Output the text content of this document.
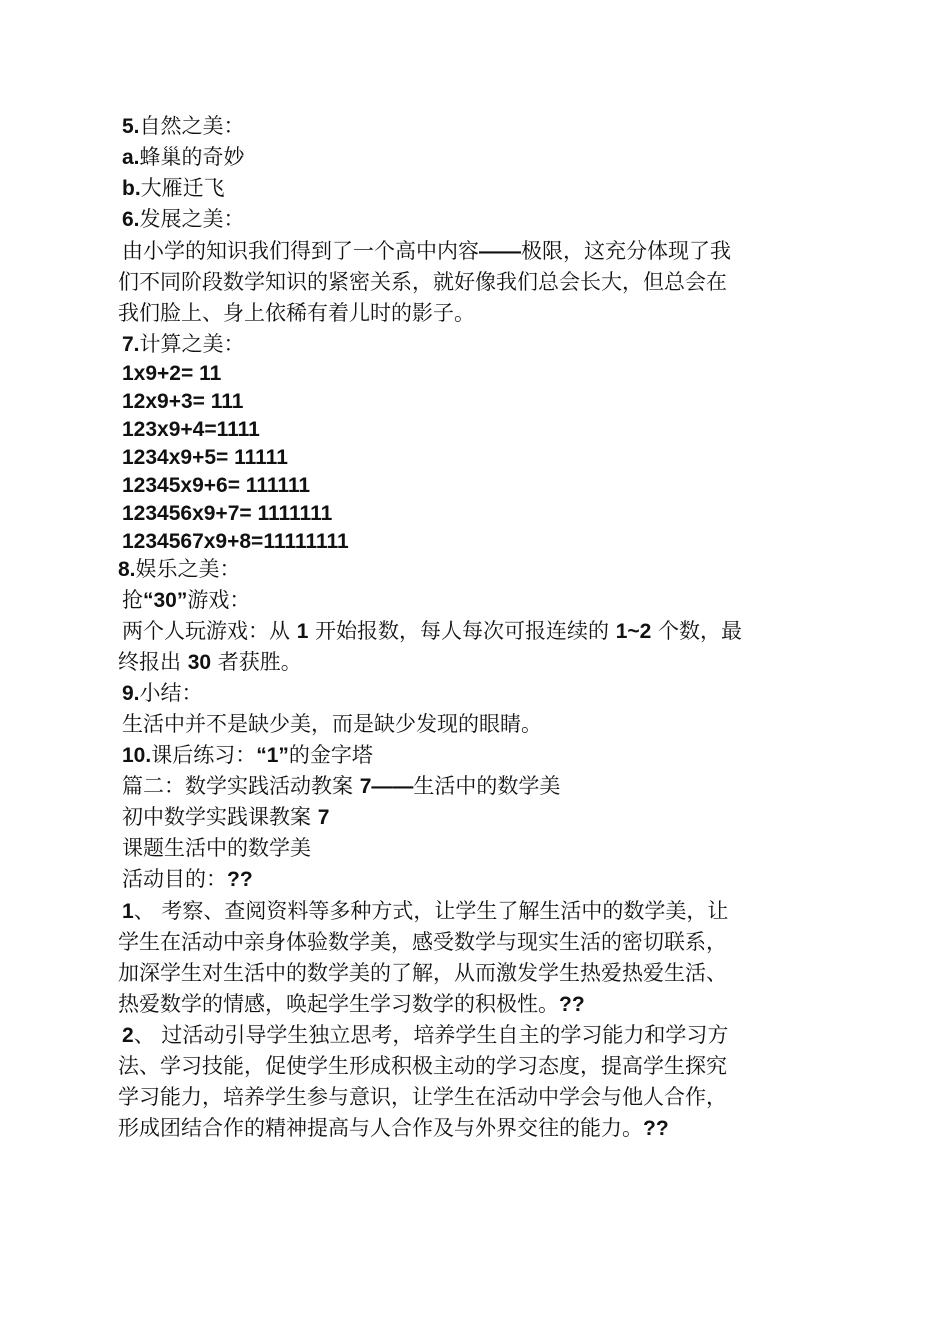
5.自然之美：
a.蜂巢的奇妙
b.大雁迁飞
6.发展之美：
由小学的知识我们得到了一个高中内容——极限，这充分体现了我
们不同阶段数学知识的紧密关系，就好像我们总会长大，但总会在
我们脸上、身上依稀有着儿时的影子。
7.计算之美：
1x9+2= 11
12x9+3= 111
123x9+4=1111
1234x9+5= 11111
12345x9+6= 111111
123456x9+7= 1111111
1234567x9+8=11111111
8.娱乐之美：
抢“30”游戏：
两个人玩游戏：从 1 开始报数，每人每次可报连续的 1~2 个数，最
终报出 30 者获胜。
9.小结：
生活中并不是缺少美，而是缺少发现的眼睛。
10.课后练习：“1”的金字塔
篇二：数学实践活动教案 7——生活中的数学美
初中数学实践课教案 7
课题生活中的数学美
活动目的：??
1、 考察、查阅资料等多种方式，让学生了解生活中的数学美，让
学生在活动中亲身体验数学美，感受数学与现实生活的密切联系，
加深学生对生活中的数学美的了解，从而激发学生热爱热爱生活、
热爱数学的情感，唤起学生学习数学的积极性。??
2、 过活动引导学生独立思考，培养学生自主的学习能力和学习方
法、学习技能，促使学生形成积极主动的学习态度，提高学生探究
学习能力，培养学生参与意识，让学生在活动中学会与他人合作，
形成团结合作的精神提高与人合作及与外界交往的能力。??
